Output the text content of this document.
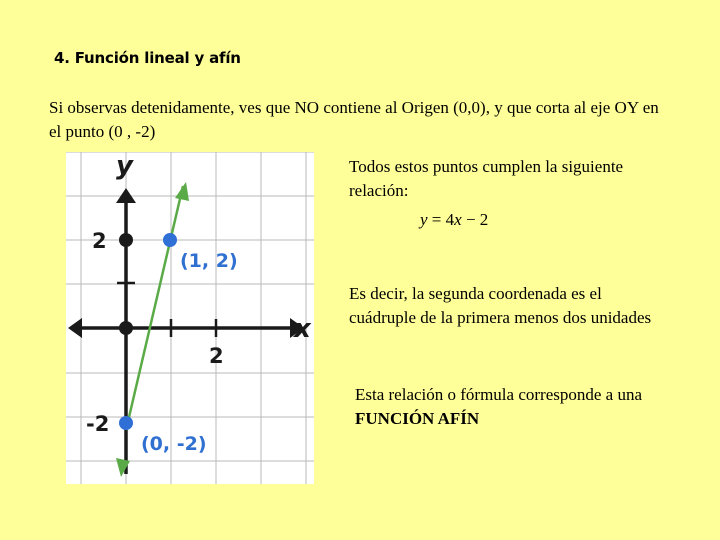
4. Función lineal y afín
Si observas detenidamente, ves que NO contiene al Origen (0,0), y que corta al eje OY en el punto (0 , -2)
y
x
2
2
-2
(1, 2)
(0, -2)
Todos estos puntos cumplen la siguiente relación:
y = 4x − 2
Es decir, la segunda coordenada es el cuádruple de la primera menos dos unidades
Esta relación o fórmula corresponde a una FUNCIÓN AFÍN
